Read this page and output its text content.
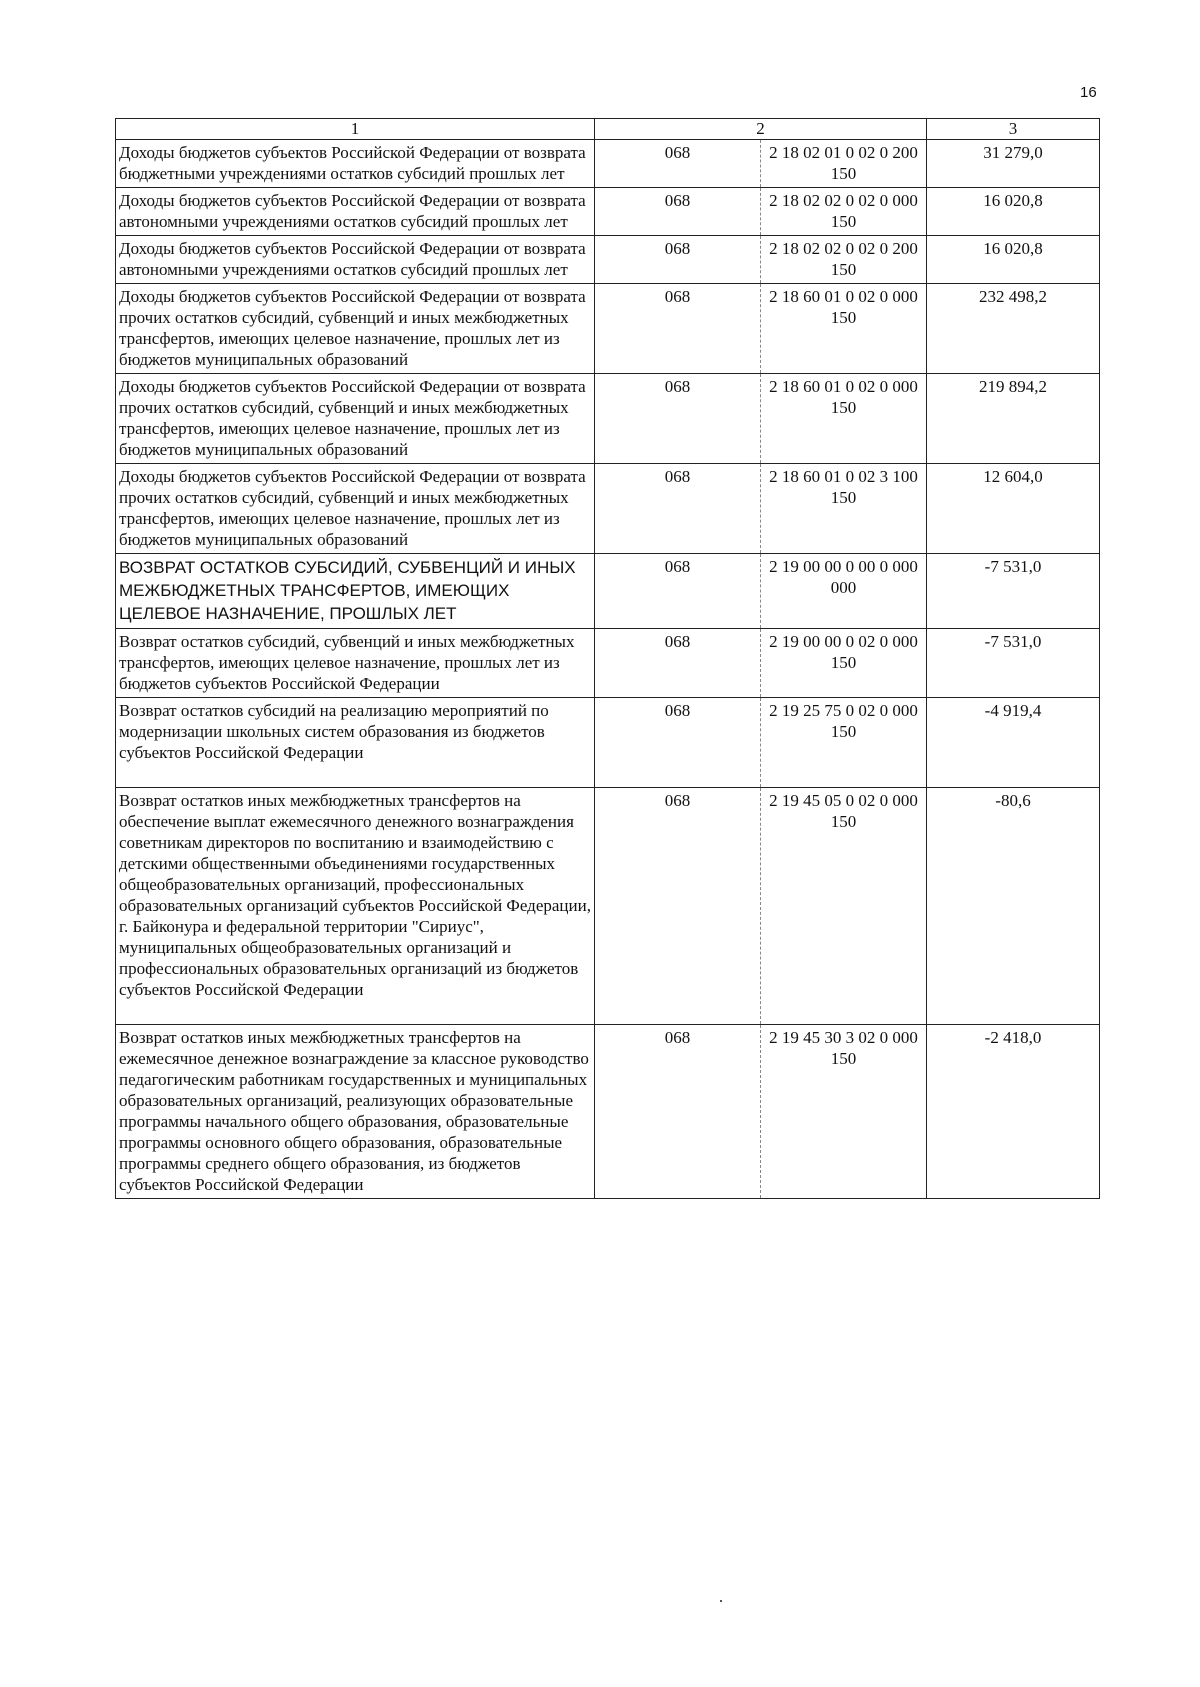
16
1	2		3
Доходы бюджетов субъектов Российской Федерации от возврата бюджетными учреждениями остатков субсидий прошлых лет	068	2 18 02 01 0 02 0 200 150	31 279,0
Доходы бюджетов субъектов Российской Федерации от возврата автономными учреждениями остатков субсидий прошлых лет	068	2 18 02 02 0 02 0 000 150	16 020,8
Доходы бюджетов субъектов Российской Федерации от возврата автономными учреждениями остатков субсидий прошлых лет	068	2 18 02 02 0 02 0 200 150	16 020,8
Доходы бюджетов субъектов Российской Федерации от возврата прочих остатков субсидий, субвенций и иных межбюджетных трансфертов, имеющих целевое назначение, прошлых лет из бюджетов муниципальных образований	068	2 18 60 01 0 02 0 000 150	232 498,2
Доходы бюджетов субъектов Российской Федерации от возврата прочих остатков субсидий, субвенций и иных межбюджетных трансфертов, имеющих целевое назначение, прошлых лет из бюджетов муниципальных образований	068	2 18 60 01 0 02 0 000 150	219 894,2
Доходы бюджетов субъектов Российской Федерации от возврата прочих остатков субсидий, субвенций и иных межбюджетных трансфертов, имеющих целевое назначение, прошлых лет из бюджетов муниципальных образований	068	2 18 60 01 0 02 3 100 150	12 604,0
ВОЗВРАТ ОСТАТКОВ СУБСИДИЙ, СУБВЕНЦИЙ И ИНЫХ МЕЖБЮДЖЕТНЫХ ТРАНСФЕРТОВ, ИМЕЮЩИХ ЦЕЛЕВОЕ НАЗНАЧЕНИЕ, ПРОШЛЫХ ЛЕТ	068	2 19 00 00 0 00 0 000 000	-7 531,0
Возврат остатков субсидий, субвенций и иных межбюджетных трансфертов, имеющих целевое назначение, прошлых лет из бюджетов субъектов Российской Федерации	068	2 19 00 00 0 02 0 000 150	-7 531,0
Возврат остатков субсидий на реализацию мероприятий по модернизации школьных систем образования из бюджетов субъектов Российской Федерации	068	2 19 25 75 0 02 0 000 150	-4 919,4
Возврат остатков иных межбюджетных трансфертов на обеспечение выплат ежемесячного денежного вознаграждения советникам директоров по воспитанию и взаимодействию с детскими общественными объединениями государственных общеобразовательных организаций, профессиональных образовательных организаций субъектов Российской Федерации, г. Байконура и федеральной территории "Сириус", муниципальных общеобразовательных организаций и профессиональных образовательных организаций из бюджетов субъектов Российской Федерации	068	2 19 45 05 0 02 0 000 150	-80,6
Возврат остатков иных межбюджетных трансфертов на ежемесячное денежное вознаграждение за классное руководство педагогическим работникам государственных и муниципальных образовательных организаций, реализующих образовательные программы начального общего образования, образовательные программы основного общего образования, образовательные программы среднего общего образования, из бюджетов субъектов Российской Федерации	068	2 19 45 30 3 02 0 000 150	-2 418,0
